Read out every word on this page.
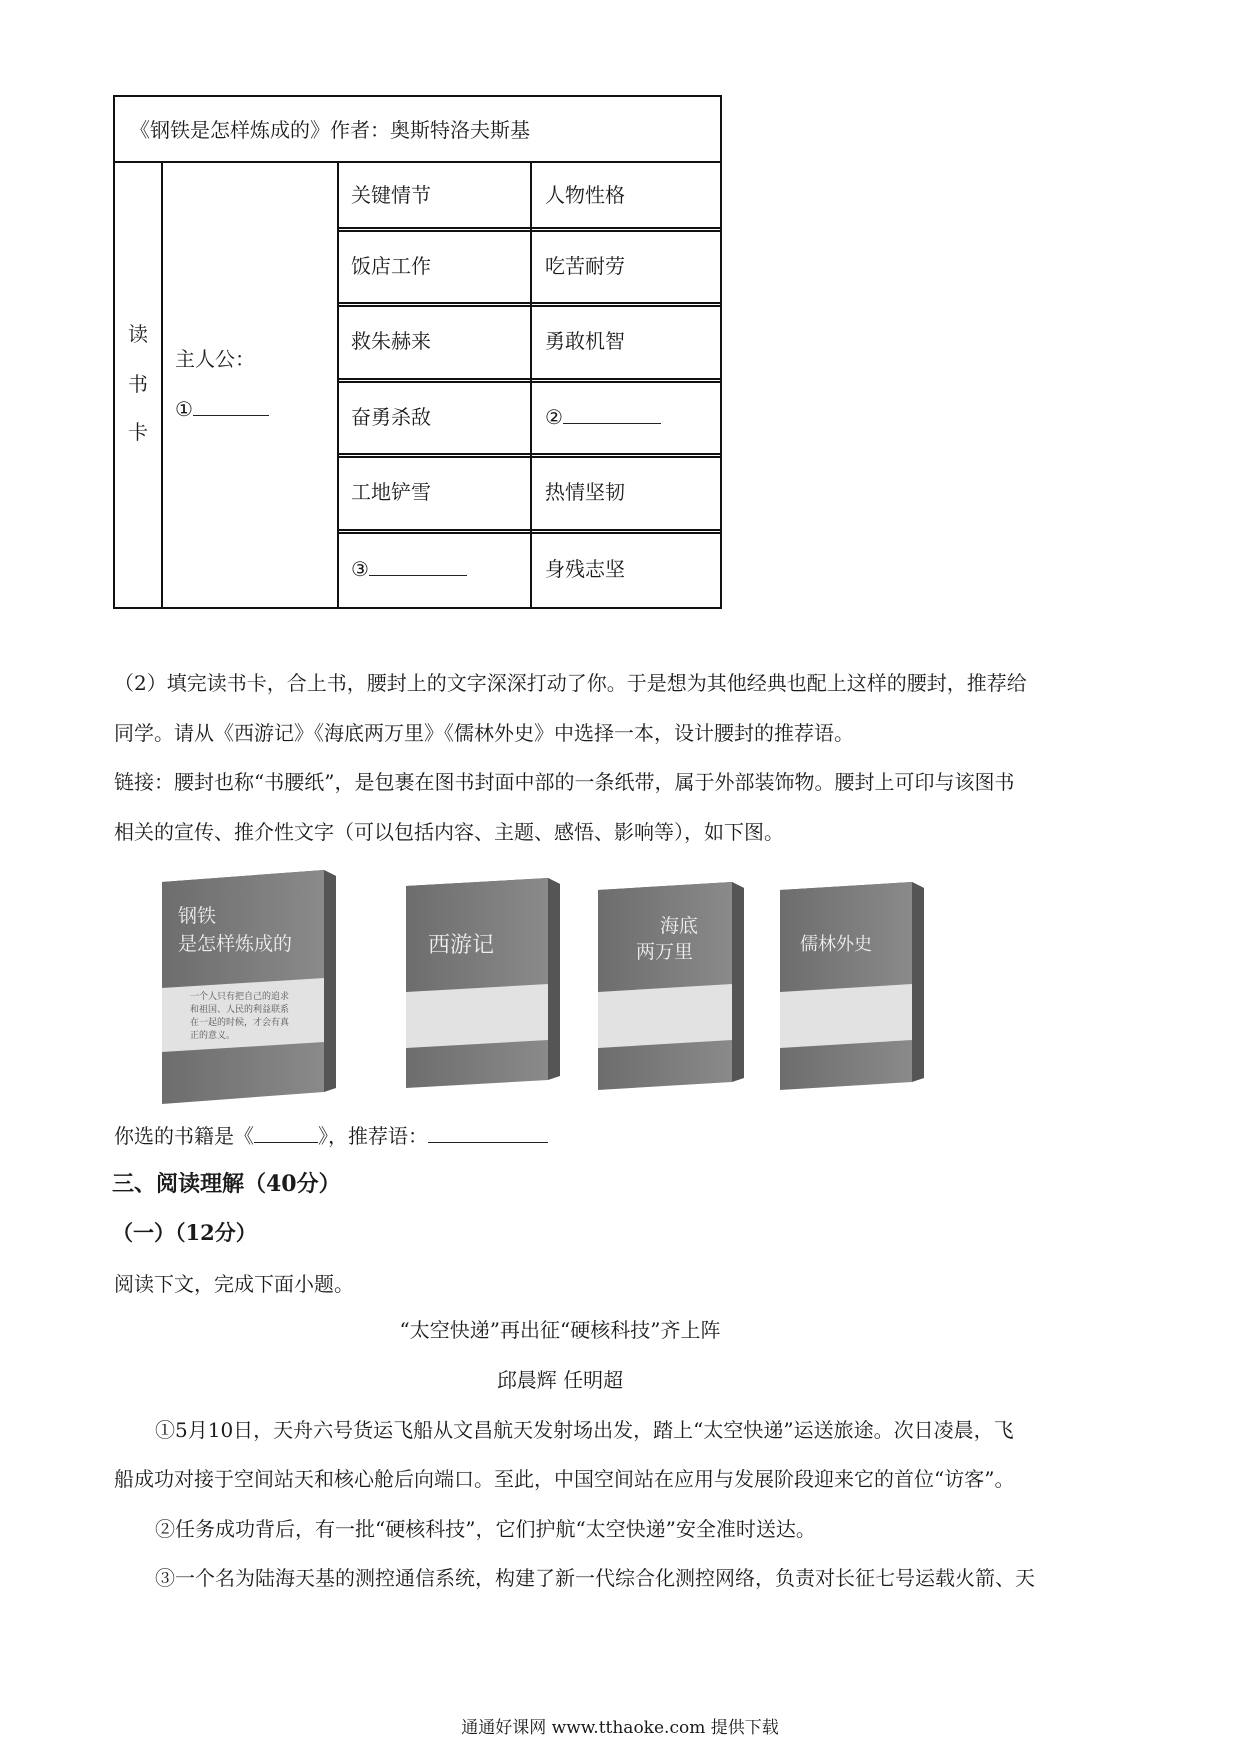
《钢铁是怎样炼成的》作者：奥斯特洛夫斯基
读
书
卡
主人公：
①
关键情节	人物性格
饭店工作	吃苦耐劳
救朱赫来	勇敢机智
奋勇杀敌	②
工地铲雪	热情坚韧
③	身残志坚
（2）填完读书卡，合上书，腰封上的文字深深打动了你。于是想为其他经典也配上这样的腰封，推荐给
同学。请从《西游记》《海底两万里》《儒林外史》中选择一本，设计腰封的推荐语。
链接：腰封也称“书腰纸”，是包裹在图书封面中部的一条纸带，属于外部装饰物。腰封上可印与该图书
相关的宣传、推介性文字（可以包括内容、主题、感悟、影响等），如下图。
钢铁
是怎样炼成的
一个人只有把自己的追求
和祖国、人民的利益联系
在一起的时候，才会有真
正的意义。
西游记
海底
两万里	儒林外史
你选的书籍是《	》，推荐语：
三、阅读理解（40分）
（一）（12分）
阅读下文，完成下面小题。
“太空快递”再出征“硬核科技”齐上阵
邱晨辉 任明超
①5月10日，天舟六号货运飞船从文昌航天发射场出发，踏上“太空快递”运送旅途。次日凌晨，飞
船成功对接于空间站天和核心舱后向端口。至此，中国空间站在应用与发展阶段迎来它的首位“访客”。
②任务成功背后，有一批“硬核科技”，它们护航“太空快递”安全准时送达。
③一个名为陆海天基的测控通信系统，构建了新一代综合化测控网络，负责对长征七号运载火箭、天
通通好课网 www.tthaoke.com 提供下载
